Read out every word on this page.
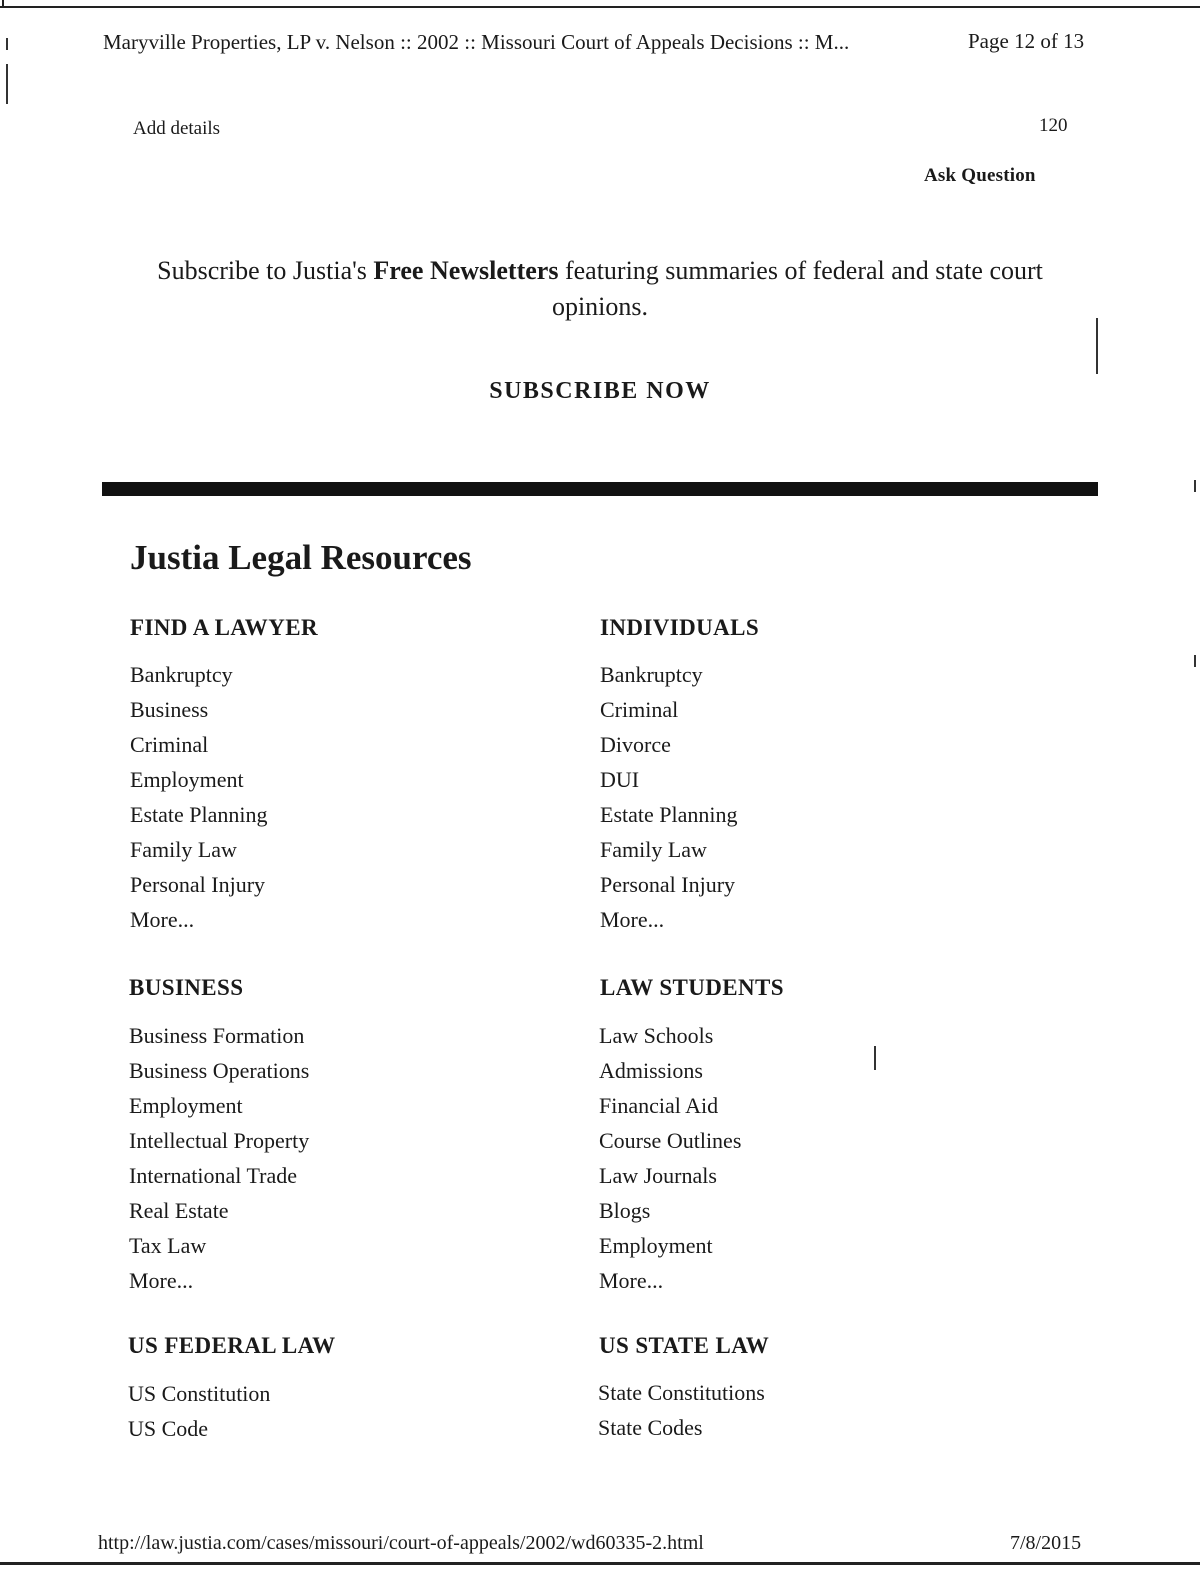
Maryville Properties, LP v. Nelson :: 2002 :: Missouri Court of Appeals Decisions :: M...	Page 12 of 13
Add details	120
Ask Question
Subscribe to Justia's Free Newsletters featuring summaries of federal and state court opinions.
SUBSCRIBE NOW
Justia Legal Resources
FIND A LAWYER
Bankruptcy
Business
Criminal
Employment
Estate Planning
Family Law
Personal Injury
More...
INDIVIDUALS
Bankruptcy
Criminal
Divorce
DUI
Estate Planning
Family Law
Personal Injury
More...
BUSINESS
Business Formation
Business Operations
Employment
Intellectual Property
International Trade
Real Estate
Tax Law
More...
LAW STUDENTS
Law Schools
Admissions
Financial Aid
Course Outlines
Law Journals
Blogs
Employment
More...
US FEDERAL LAW
US Constitution
US Code
US STATE LAW
State Constitutions
State Codes
http://law.justia.com/cases/missouri/court-of-appeals/2002/wd60335-2.html	7/8/2015
